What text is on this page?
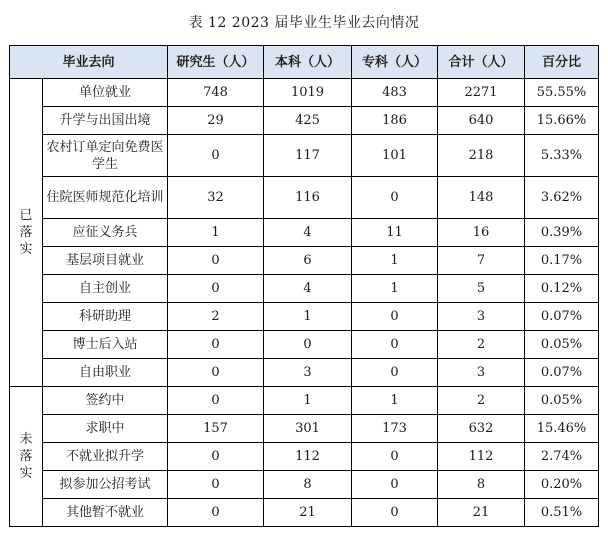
表 12 2023 届毕业生毕业去向情况
毕业去向		研究生（人）	本科（人）	专科（人）	合计（人）	百分比

已
落
实	单位就业	748	1019	483	2271	55.55%
	升学与出国出境	29	425	186	640	15.66%
	农村订单定向免费医学生	0	117	101	218	5.33%
	住院医师规范化培训	32	116	0	148	3.62%
	应征义务兵	1	4	11	16	0.39%
	基层项目就业	0	6	1	7	0.17%
	自主创业	0	4	1	5	0.12%
	科研助理	2	1	0	3	0.07%
	博士后入站	0	0	0	2	0.05%
	自由职业	0	3	0	3	0.07%

未
落
实	签约中	0	1	1	2	0.05%
	求职中	157	301	173	632	15.46%
	不就业拟升学	0	112	0	112	2.74%
	拟参加公招考试	0	8	0	8	0.20%
	其他暂不就业	0	21	0	21	0.51%
